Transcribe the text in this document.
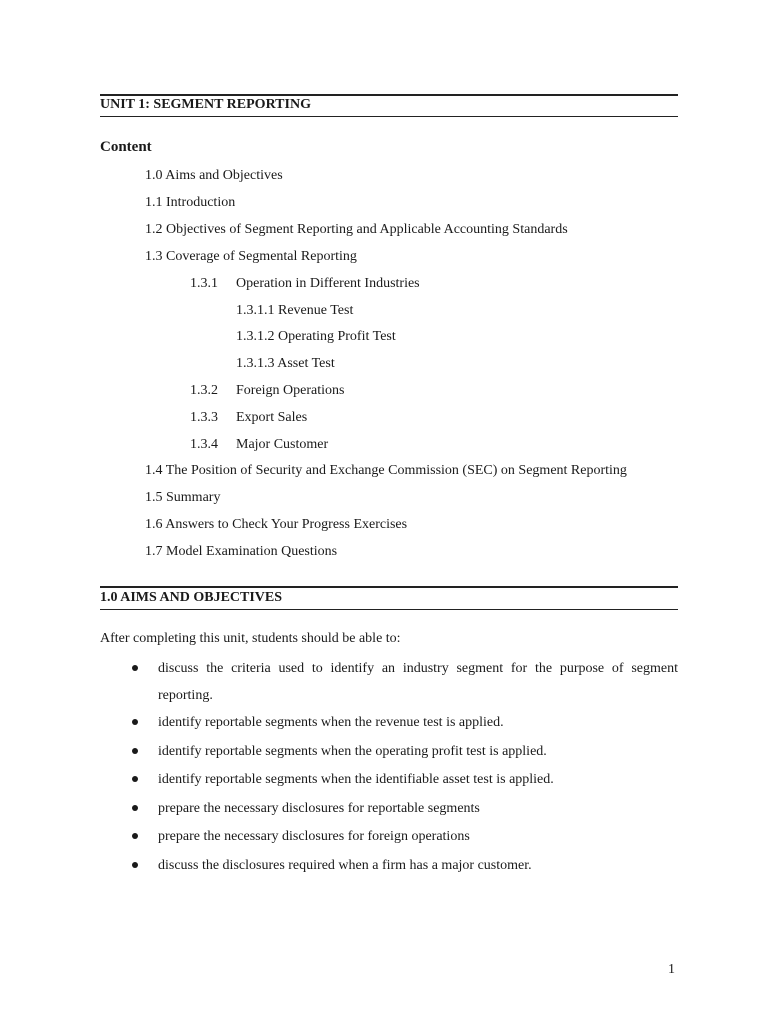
UNIT 1: SEGMENT REPORTING
Content
1.0 Aims and Objectives
1.1 Introduction
1.2 Objectives of Segment Reporting and Applicable Accounting Standards
1.3 Coverage of Segmental Reporting
1.3.1 Operation in Different Industries
1.3.1.1 Revenue Test
1.3.1.2 Operating Profit Test
1.3.1.3 Asset Test
1.3.2 Foreign Operations
1.3.3 Export Sales
1.3.4 Major Customer
1.4 The Position of Security and Exchange Commission (SEC) on Segment Reporting
1.5 Summary
1.6 Answers to Check Your Progress Exercises
1.7 Model Examination Questions
1.0 AIMS AND OBJECTIVES
After completing this unit, students should be able to:
discuss the criteria used to identify an industry segment for the purpose of segment reporting.
identify reportable segments when the revenue test is applied.
identify reportable segments when the operating profit test is applied.
identify reportable segments when the identifiable asset test is applied.
prepare the necessary disclosures for reportable segments
prepare the necessary disclosures for foreign operations
discuss the disclosures required when a firm has a major customer.
1
